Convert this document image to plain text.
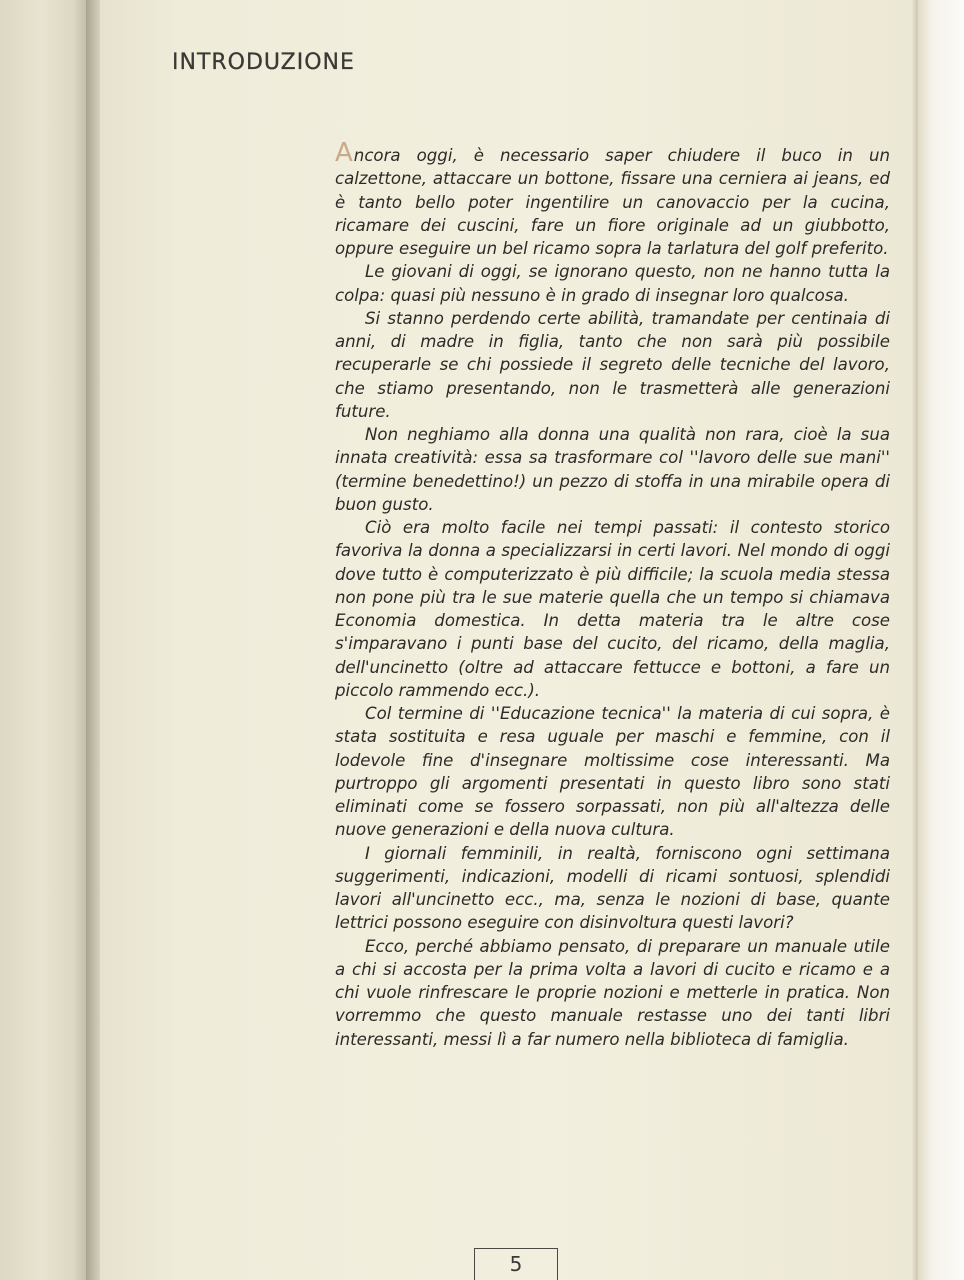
INTRODUZIONE

Ancora oggi, è necessario saper chiudere il buco in un calzettone, attaccare un bottone, fissare una cerniera ai jeans, ed è tanto bello poter ingentilire un canovaccio per la cucina, ricamare dei cuscini, fare un fiore originale ad un giubbotto, oppure eseguire un bel ricamo sopra la tarlatura del golf preferito.

Le giovani di oggi, se ignorano questo, non ne hanno tutta la colpa: quasi più nessuno è in grado di insegnar loro qualcosa.

Si stanno perdendo certe abilità, tramandate per centinaia di anni, di madre in figlia, tanto che non sarà più possibile recuperarle se chi possiede il segreto delle tecniche del lavoro, che stiamo presentando, non le trasmetterà alle generazioni future.

Non neghiamo alla donna una qualità non rara, cioè la sua innata creatività: essa sa trasformare col ''lavoro delle sue mani'' (termine benedettino!) un pezzo di stoffa in una mirabile opera di buon gusto.

Ciò era molto facile nei tempi passati: il contesto storico favoriva la donna a specializzarsi in certi lavori. Nel mondo di oggi dove tutto è computerizzato è più difficile; la scuola media stessa non pone più tra le sue materie quella che un tempo si chiamava Economia domestica. In detta materia tra le altre cose s'imparavano i punti base del cucito, del ricamo, della maglia, dell'uncinetto (oltre ad attaccare fettucce e bottoni, a fare un piccolo rammendo ecc.).

Col termine di ''Educazione tecnica'' la materia di cui sopra, è stata sostituita e resa uguale per maschi e femmine, con il lodevole fine d'insegnare moltissime cose interessanti. Ma purtroppo gli argomenti presentati in questo libro sono stati eliminati come se fossero sorpassati, non più all'altezza delle nuove generazioni e della nuova cultura.

I giornali femminili, in realtà, forniscono ogni settimana suggerimenti, indicazioni, modelli di ricami sontuosi, splendidi lavori all'uncinetto ecc., ma, senza le nozioni di base, quante lettrici possono eseguire con disinvoltura questi lavori?

Ecco, perché abbiamo pensato, di preparare un manuale utile a chi si accosta per la prima volta a lavori di cucito e ricamo e a chi vuole rinfrescare le proprie nozioni e metterle in pratica. Non vorremmo che questo manuale restasse uno dei tanti libri interessanti, messi lì a far numero nella biblioteca di famiglia.

5
